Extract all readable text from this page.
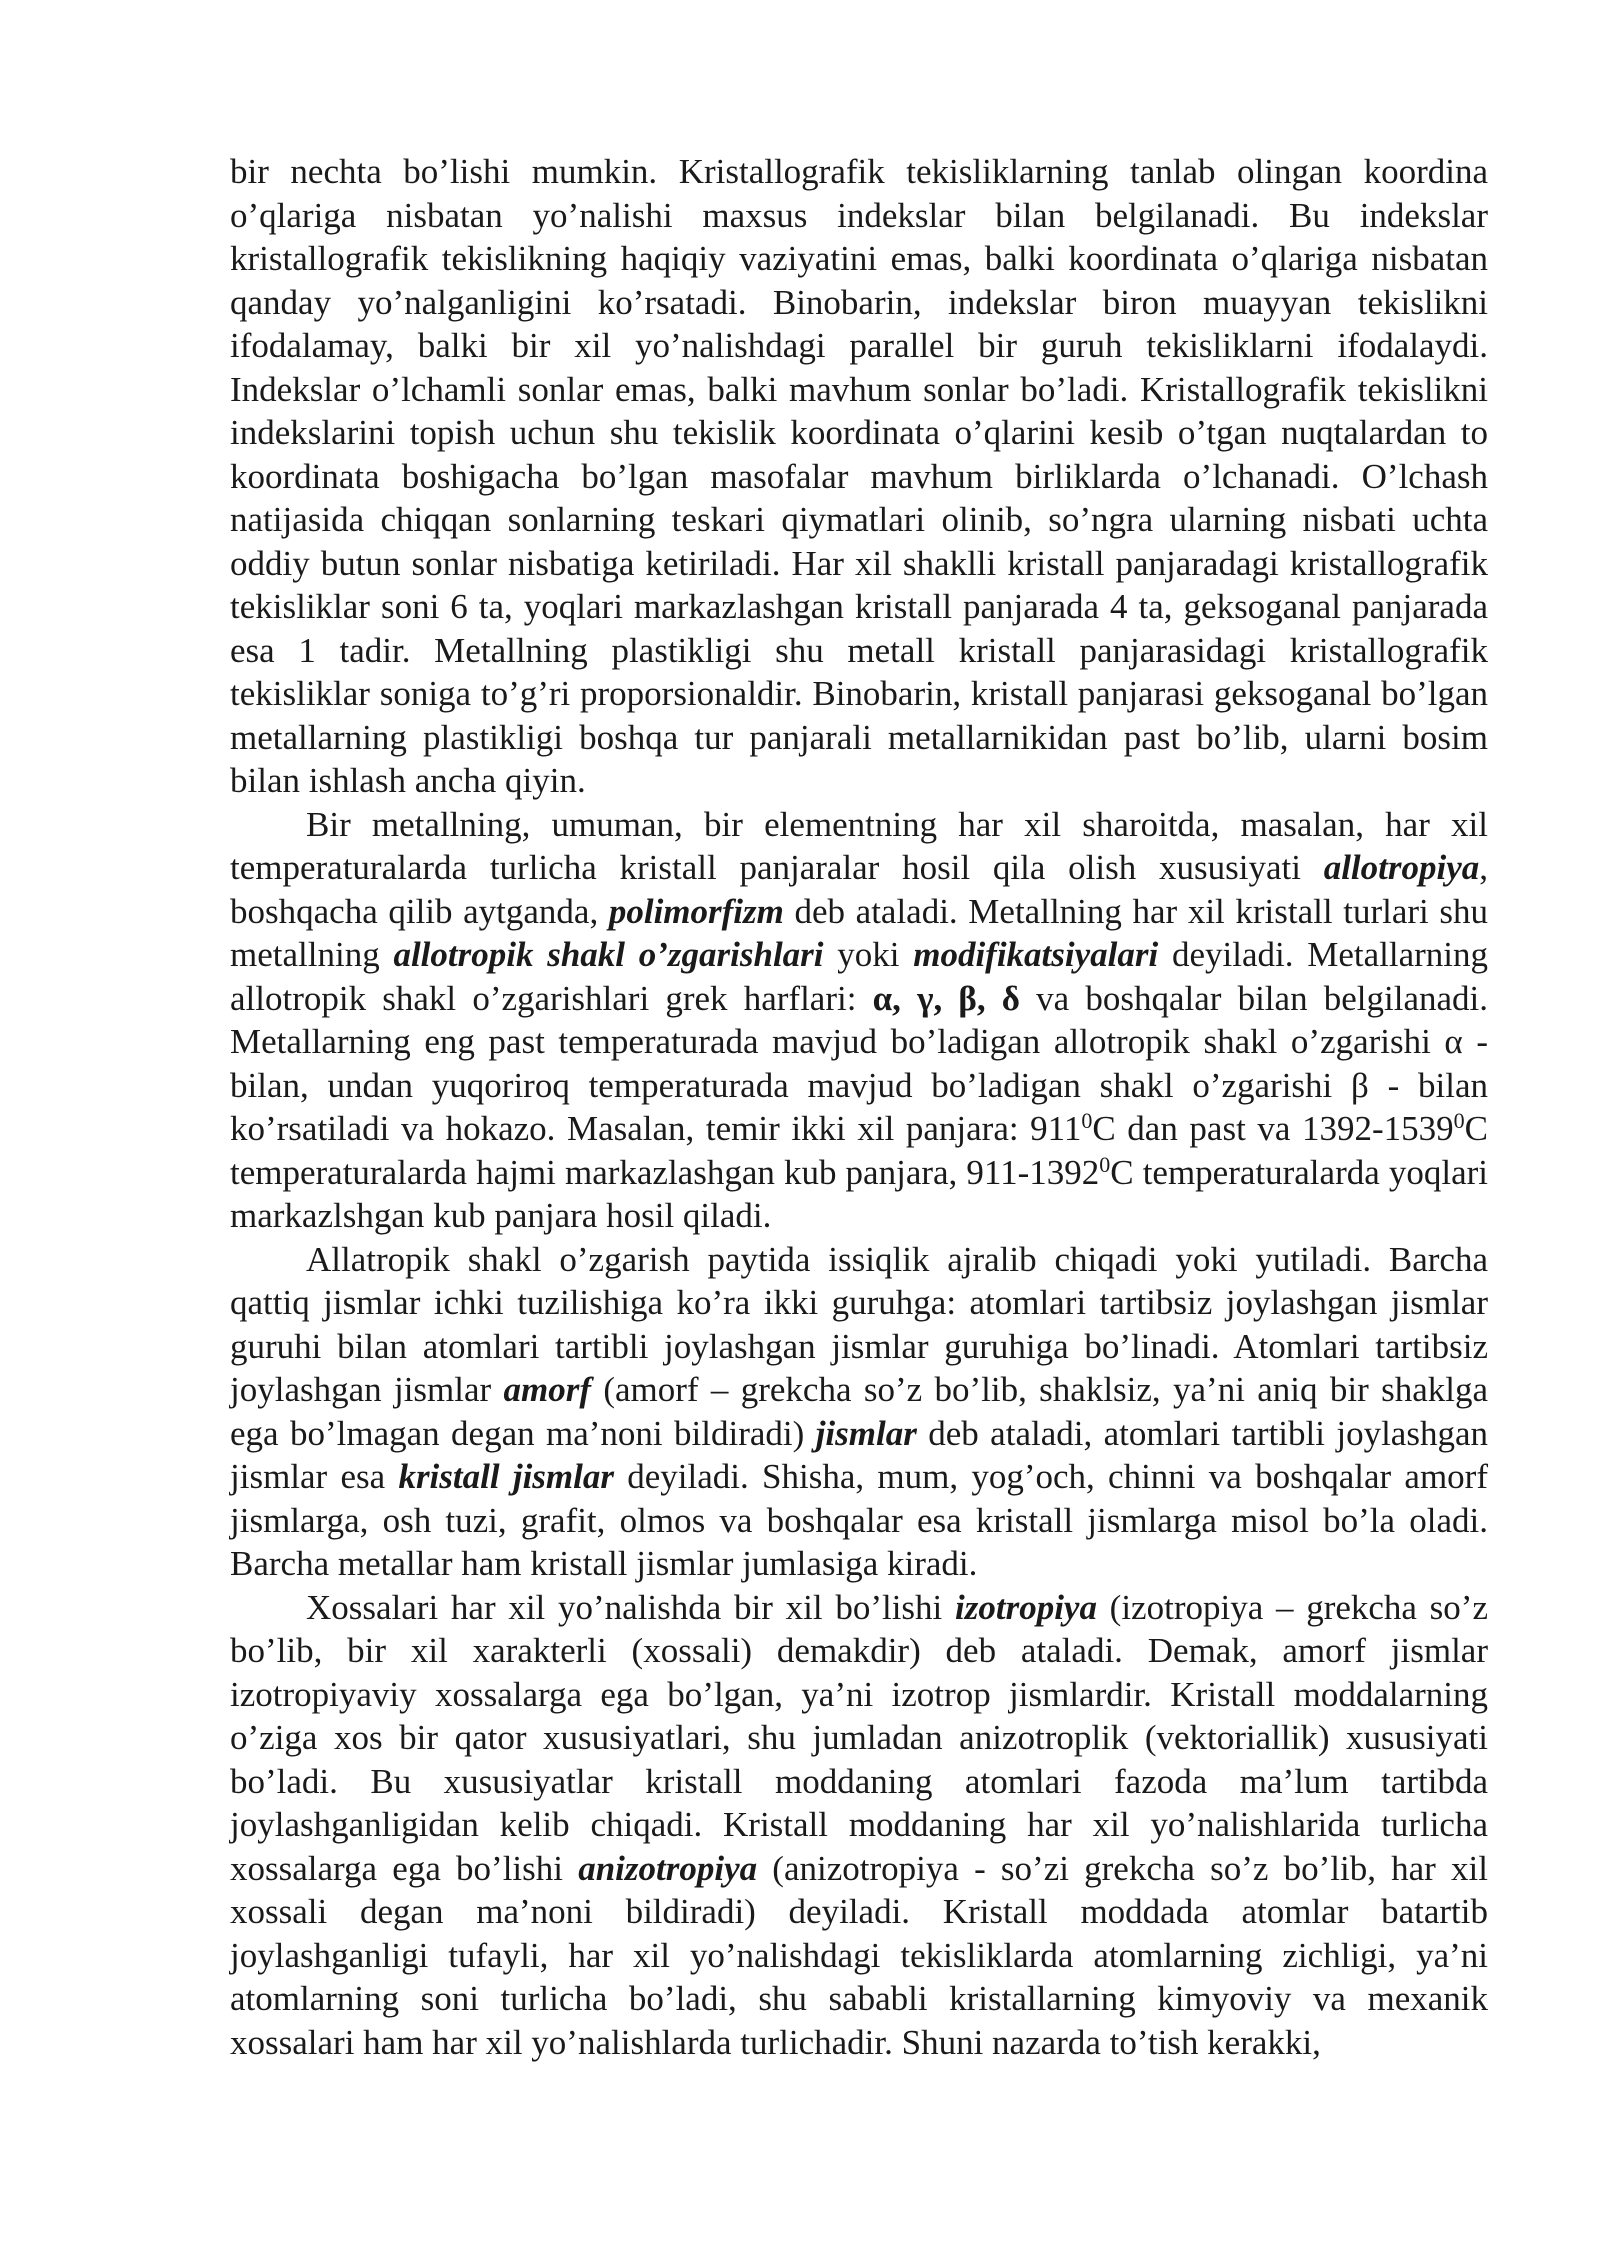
bir nechta bo’lishi mumkin. Kristallografik tekisliklarning tanlab olingan koordina o’qlariga nisbatan yo’nalishi maxsus indekslar bilan belgilanadi. Bu indekslar kristallografik tekislikning haqiqiy vaziyatini emas, balki koordinata o’qlariga nisbatan qanday yo’nalganligini ko’rsatadi. Binobarin, indekslar biron muayyan tekislikni ifodalamay, balki bir xil yo’nalishdagi parallel bir guruh tekisliklarni ifodalaydi. Indekslar o’lchamli sonlar emas, balki mavhum sonlar bo’ladi. Kristallografik tekislikni indekslarini topish uchun shu tekislik koordinata o’qlarini kesib o’tgan nuqtalardan to koordinata boshigacha bo’lgan masofalar mavhum birliklarda o’lchanadi. O’lchash natijasida chiqqan sonlarning teskari qiymatlari olinib, so’ngra ularning nisbati uchta oddiy butun sonlar nisbatiga ketiriladi. Har xil shaklli kristall panjaradagi kristallografik tekisliklar soni 6 ta, yoqlari markazlashgan kristall panjarada 4 ta, geksoganal panjarada esa 1 tadir. Metallning plastikligi shu metall kristall panjarasidagi kristallografik tekisliklar soniga to’g’ri proporsionaldir. Binobarin, kristall panjarasi geksoganal bo’lgan metallarning plastikligi boshqa tur panjarali metallarnikidan past bo’lib, ularni bosim bilan ishlash ancha qiyin.

Bir metallning, umuman, bir elementning har xil sharoitda, masalan, har xil temperaturalarda turlicha kristall panjaralar hosil qila olish xususiyati allotropiya, boshqacha qilib aytganda, polimorfizm deb ataladi. Metallning har xil kristall turlari shu metallning allotropik shakl o’zgarishlari yoki modifikatsiyalari deyiladi. Metallarning allotropik shakl o’zgarishlari grek harflari: α, γ, β, δ va boshqalar bilan belgilanadi. Metallarning eng past temperaturada mavjud bo’ladigan allotropik shakl o’zgarishi α - bilan, undan yuqoriroq temperaturada mavjud bo’ladigan shakl o’zgarishi β - bilan ko’rsatiladi va hokazo. Masalan, temir ikki xil panjara: $911^0C$ dan past va 1392-1539$^0$C temperaturalarda hajmi markazlashgan kub panjara, 911-1392$^0$C temperaturalarda yoqlari markazlshgan kub panjara hosil qiladi.

Allatropik shakl o’zgarish paytida issiqlik ajralib chiqadi yoki yutiladi. Barcha qattiq jismlar ichki tuzilishiga ko’ra ikki guruhga: atomlari tartibsiz joylashgan jismlar guruhi bilan atomlari tartibli joylashgan jismlar guruhiga bo’linadi. Atomlari tartibsiz joylashgan jismlar amorf (amorf – grekcha so’z bo’lib, shaklsiz, ya’ni aniq bir shaklga ega bo’lmagan degan ma’noni bildiradi) jismlar deb ataladi, atomlari tartibli joylashgan jismlar esa kristall jismlar deyiladi. Shisha, mum, yog’och, chinni va boshqalar amorf jismlarga, osh tuzi, grafit, olmos va boshqalar esa kristall jismlarga misol bo’la oladi. Barcha metallar ham kristall jismlar jumlasiga kiradi.

Xossalari har xil yo’nalishda bir xil bo’lishi izotropiya (izotropiya – grekcha so’z bo’lib, bir xil xarakterli (xossali) demakdir) deb ataladi. Demak, amorf jismlar izotropiyaviy xossalarga ega bo’lgan, ya’ni izotrop jismlardir. Kristall moddalarning o’ziga xos bir qator xususiyatlari, shu jumladan anizotroplik (vektoriallik) xususiyati bo’ladi. Bu xususiyatlar kristall moddaning atomlari fazoda ma’lum tartibda joylashganligidan kelib chiqadi. Kristall moddaning har xil yo’nalishlarida turlicha xossalarga ega bo’lishi anizotropiya (anizotropiya - so’zi grekcha so’z bo’lib, har xil xossali degan ma’noni bildiradi) deyiladi. Kristall moddada atomlar batartib joylashganligi tufayli, har xil yo’nalishdagi tekisliklarda atomlarning zichligi, ya’ni atomlarning soni turlicha bo’ladi, shu sababli kristallarning kimyoviy va mexanik xossalari ham har xil yo’nalishlarda turlichadir. Shuni nazarda to’tish kerakki,
